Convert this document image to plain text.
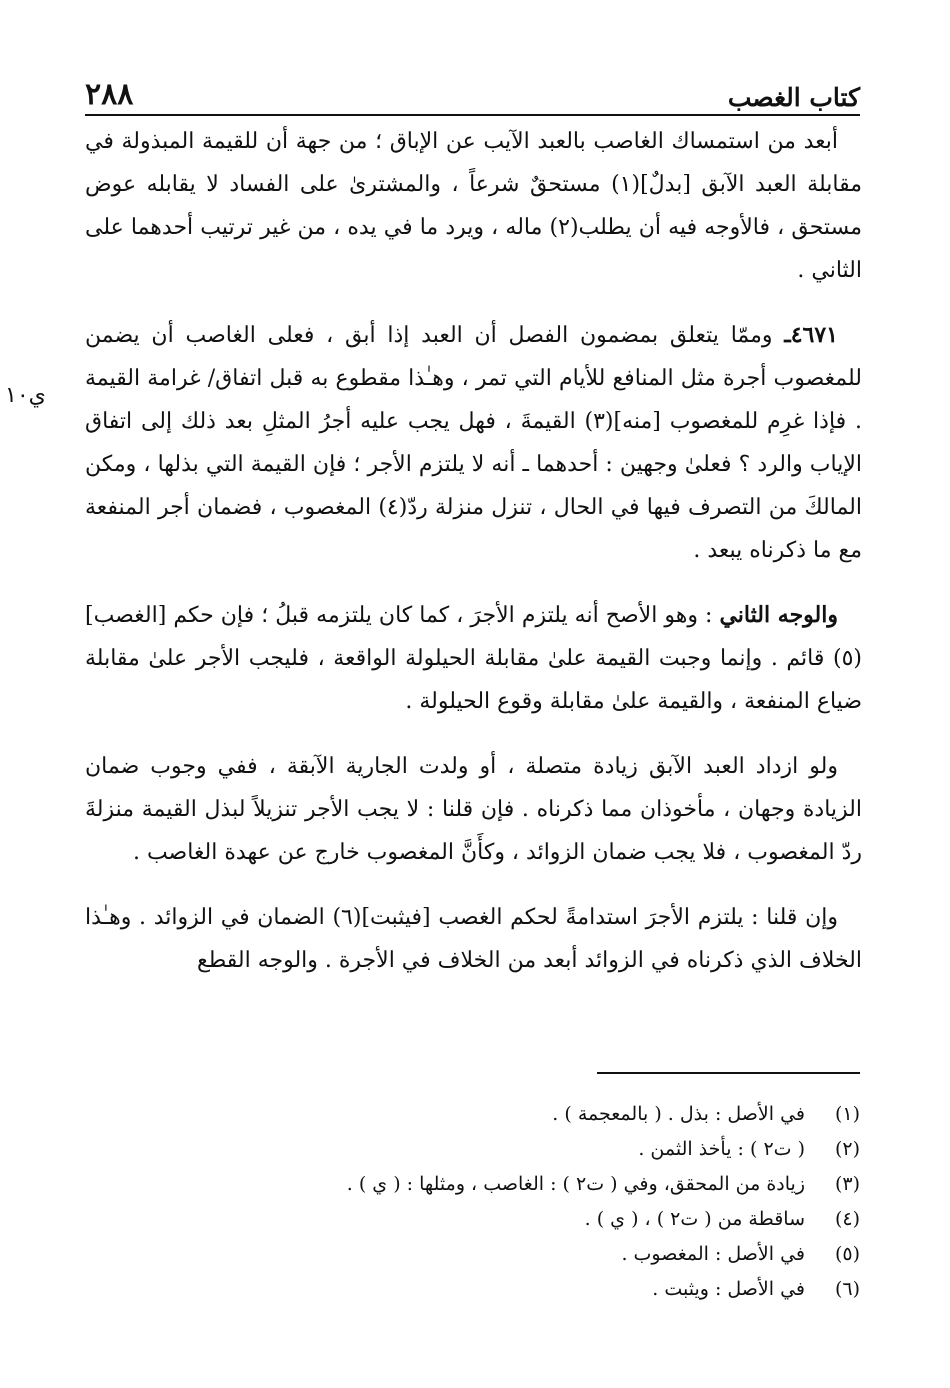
كتاب الغصب
٢٨٨
ي١٠

أبعد من استمساك الغاصب بالعبد الآيب عن الإباق ؛ من جهة أن للقيمة المبذولة في مقابلة العبد الآبق [بدلٌ](١) مستحقٌ شرعاً ، والمشترىٰ على الفساد لا يقابله عوض مستحق ، فالأوجه فيه أن يطلب(٢) ماله ، ويرد ما في يده ، من غير ترتيب أحدهما على الثاني .

٤٦٧١ـ وممّا يتعلق بمضمون الفصل أن العبد إذا أبق ، فعلى الغاصب أن يضمن للمغصوب أجرة مثل المنافع للأيام التي تمر ، وهـٰذا مقطوع به قبل اتفاق/ غرامة القيمة . فإذا غرِم للمغصوب [منه](٣) القيمةَ ، فهل يجب عليه أجرُ المثلِ بعد ذلك إلى اتفاق الإياب والرد ؟ فعلىٰ وجهين : أحدهما ـ أنه لا يلتزم الأجر ؛ فإن القيمة التي بذلها ، ومكن المالكَ من التصرف فيها في الحال ، تنزل منزلة ردّ(٤) المغصوب ، فضمان أجر المنفعة مع ما ذكرناه يبعد .

والوجه الثاني : وهو الأصح أنه يلتزم الأجرَ ، كما كان يلتزمه قبلُ ؛ فإن حكم [الغصب](٥) قائم . وإنما وجبت القيمة علىٰ مقابلة الحيلولة الواقعة ، فليجب الأجر علىٰ مقابلة ضياع المنفعة ، والقيمة علىٰ مقابلة وقوع الحيلولة .

ولو ازداد العبد الآبق زيادة متصلة ، أو ولدت الجارية الآبقة ، ففي وجوب ضمان الزيادة وجهان ، مأخوذان مما ذكرناه . فإن قلنا : لا يجب الأجر تنزيلاً لبذل القيمة منزلةَ ردّ المغصوب ، فلا يجب ضمان الزوائد ، وكأَنَّ المغصوب خارج عن عهدة الغاصب .

وإن قلنا : يلتزم الأجرَ استدامةً لحكم الغصب [فيثبت](٦) الضمان في الزوائد . وهـٰذا الخلاف الذي ذكرناه في الزوائد أبعد من الخلاف في الأجرة . والوجه القطع

(١)
في الأصل : بذل . ( بالمعجمة ) .
(٢)
( ت٢ ) : يأخذ الثمن .
(٣)
زيادة من المحقق، وفي ( ت٢ ) : الغاصب ، ومثلها : ( ي ) .
(٤)
ساقطة من ( ت٢ ) ، ( ي ) .
(٥)
في الأصل : المغصوب .
(٦)
في الأصل : ويثبت .
